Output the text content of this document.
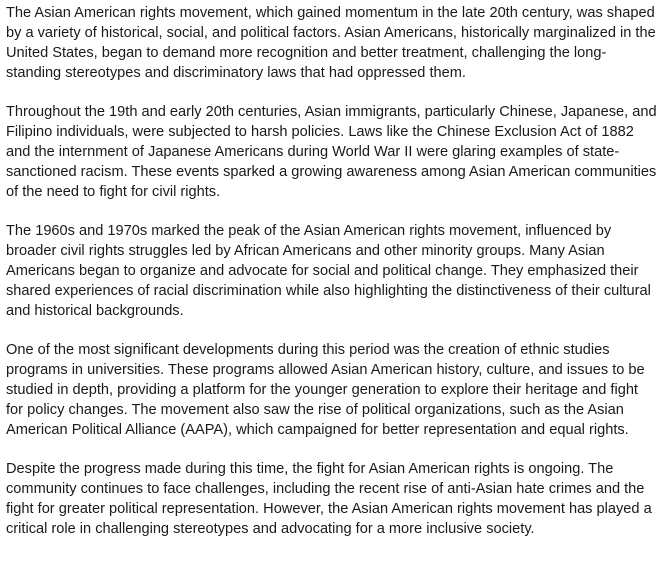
The Asian American rights movement, which gained momentum in the late 20th century, was shaped by a variety of historical, social, and political factors. Asian Americans, historically marginalized in the United States, began to demand more recognition and better treatment, challenging the long-standing stereotypes and discriminatory laws that had oppressed them.

Throughout the 19th and early 20th centuries, Asian immigrants, particularly Chinese, Japanese, and Filipino individuals, were subjected to harsh policies. Laws like the Chinese Exclusion Act of 1882 and the internment of Japanese Americans during World War II were glaring examples of state-sanctioned racism. These events sparked a growing awareness among Asian American communities of the need to fight for civil rights.

The 1960s and 1970s marked the peak of the Asian American rights movement, influenced by broader civil rights struggles led by African Americans and other minority groups. Many Asian Americans began to organize and advocate for social and political change. They emphasized their shared experiences of racial discrimination while also highlighting the distinctiveness of their cultural and historical backgrounds.

One of the most significant developments during this period was the creation of ethnic studies programs in universities. These programs allowed Asian American history, culture, and issues to be studied in depth, providing a platform for the younger generation to explore their heritage and fight for policy changes. The movement also saw the rise of political organizations, such as the Asian American Political Alliance (AAPA), which campaigned for better representation and equal rights.

Despite the progress made during this time, the fight for Asian American rights is ongoing. The community continues to face challenges, including the recent rise of anti-Asian hate crimes and the fight for greater political representation. However, the Asian American rights movement has played a critical role in challenging stereotypes and advocating for a more inclusive society.
